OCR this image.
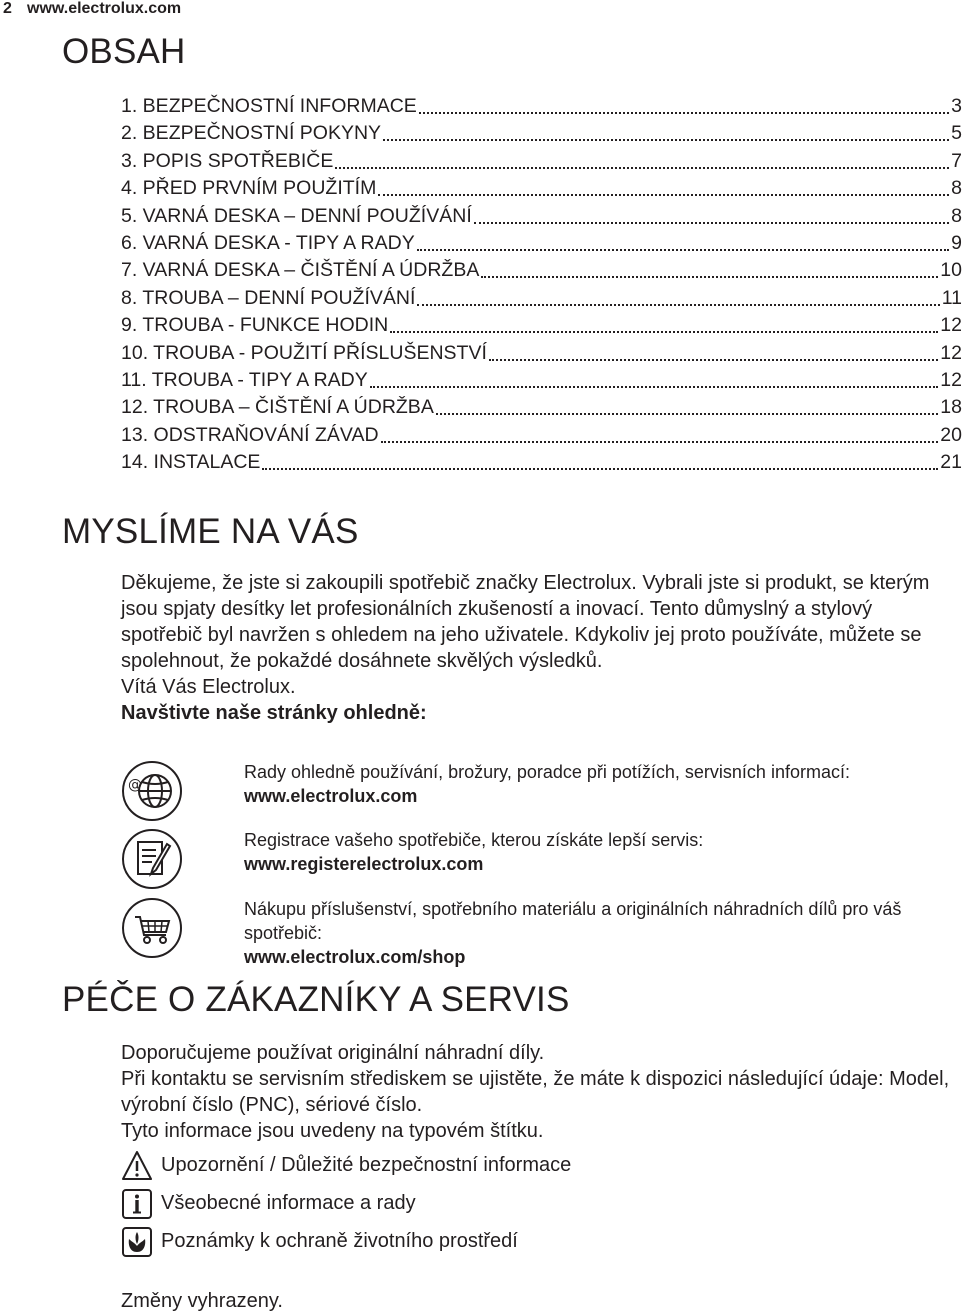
2 www.electrolux.com
OBSAH
1. BEZPEČNOSTNÍ INFORMACE	3
2. BEZPEČNOSTNÍ POKYNY	5
3. POPIS SPOTŘEBIČE	7
4. PŘED PRVNÍM POUŽITÍM	8
5. VARNÁ DESKA – DENNÍ POUŽÍVÁNÍ	8
6. VARNÁ DESKA - TIPY A RADY	9
7. VARNÁ DESKA – ČIŠTĚNÍ A ÚDRŽBA	10
8. TROUBA – DENNÍ POUŽÍVÁNÍ	11
9. TROUBA - FUNKCE HODIN	12
10. TROUBA - POUŽITÍ PŘÍSLUŠENSTVÍ	12
11. TROUBA - TIPY A RADY	12
12. TROUBA – ČIŠTĚNÍ A ÚDRŽBA	18
13. ODSTRAŇOVÁNÍ ZÁVAD	20
14. INSTALACE	21
MYSLÍME NA VÁS

Děkujeme, že jste si zakoupili spotřebič značky Electrolux. Vybrali jste si produkt, se kterým jsou spjaty desítky let profesionálních zkušeností a inovací. Tento důmyslný a stylový spotřebič byl navržen s ohledem na jeho uživatele. Kdykoliv jej proto používáte, můžete se spolehnout, že pokaždé dosáhnete skvělých výsledků.

Vítá Vás Electrolux.

Navštivte naše stránky ohledně:

@
Rady ohledně používání, brožury, poradce při potížích, servisních informací:
www.electrolux.com
Registrace vašeho spotřebiče, kterou získáte lepší servis:
www.registerelectrolux.com
Nákupu příslušenství, spotřebního materiálu a originálních náhradních dílů pro váš spotřebič:
www.electrolux.com/shop
PÉČE O ZÁKAZNÍKY A SERVIS

Doporučujeme používat originální náhradní díly.

Při kontaktu se servisním střediskem se ujistěte, že máte k dispozici následující údaje: Model, výrobní číslo (PNC), sériové číslo.

Tyto informace jsou uvedeny na typovém štítku.

Upozornění / Důležité bezpečnostní informace
Všeobecné informace a rady
Poznámky k ochraně životního prostředí
Změny vyhrazeny.
